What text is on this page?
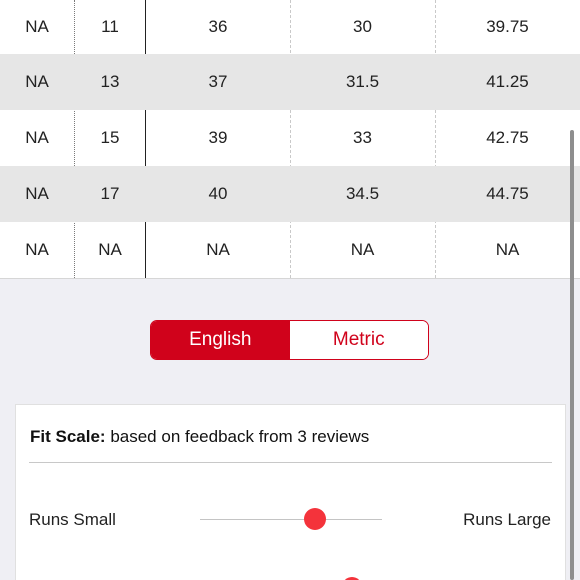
NA	11	36	30	39.75
NA	13	37	31.5	41.25
NA	15	39	33	42.75
NA	17	40	34.5	44.75
NA	NA	NA	NA	NA
English	Metric
Fit Scale: based on feedback from 3 reviews
Runs Small	Runs Large
